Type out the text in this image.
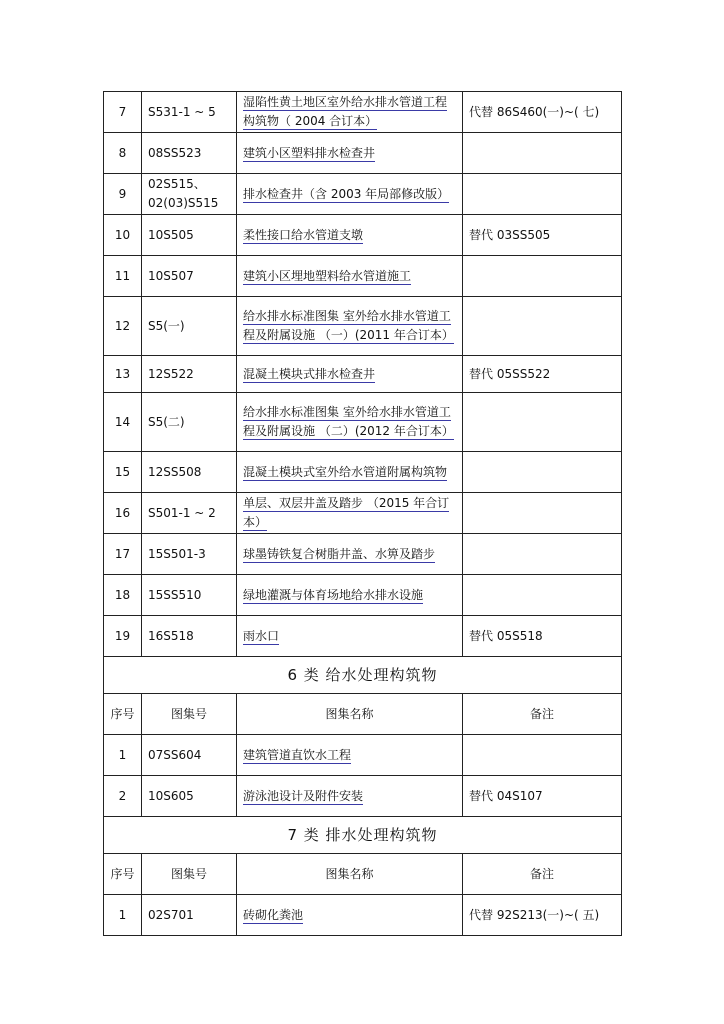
7	S531-1 ~ 5	湿陷性黄土地区室外给水排水管道工程构筑物（ 2004 合订本）	代替 86S460(一)~( 七)
8	08SS523	建筑小区塑料排水检查井	
9	02S515、02(03)S515	排水检查井（含 2003 年局部修改版）	
10	10S505	柔性接口给水管道支墩	替代 03SS505
11	10S507	建筑小区埋地塑料给水管道施工	
12	S5(一)	给水排水标准图集 室外给水排水管道工程及附属设施 （一）(2011 年合订本）	
13	12S522	混凝土模块式排水检查井	替代 05SS522
14	S5(二)	给水排水标准图集 室外给水排水管道工程及附属设施 （二）(2012 年合订本）	
15	12SS508	混凝土模块式室外给水管道附属构筑物	
16	S501-1 ~ 2	单层、双层井盖及踏步 （2015 年合订本）	
17	15S501-3	球墨铸铁复合树脂井盖、水箅及踏步	
18	15SS510	绿地灌溉与体育场地给水排水设施	
19	16S518	雨水口	替代 05S518
6 类 给水处理构筑物			
序号	图集号	图集名称	备注
1	07SS604	建筑管道直饮水工程	
2	10S605	游泳池设计及附件安装	替代 04S107
7 类 排水处理构筑物			
序号	图集号	图集名称	备注
1	02S701	砖砌化粪池	代替 92S213(一)~( 五)
